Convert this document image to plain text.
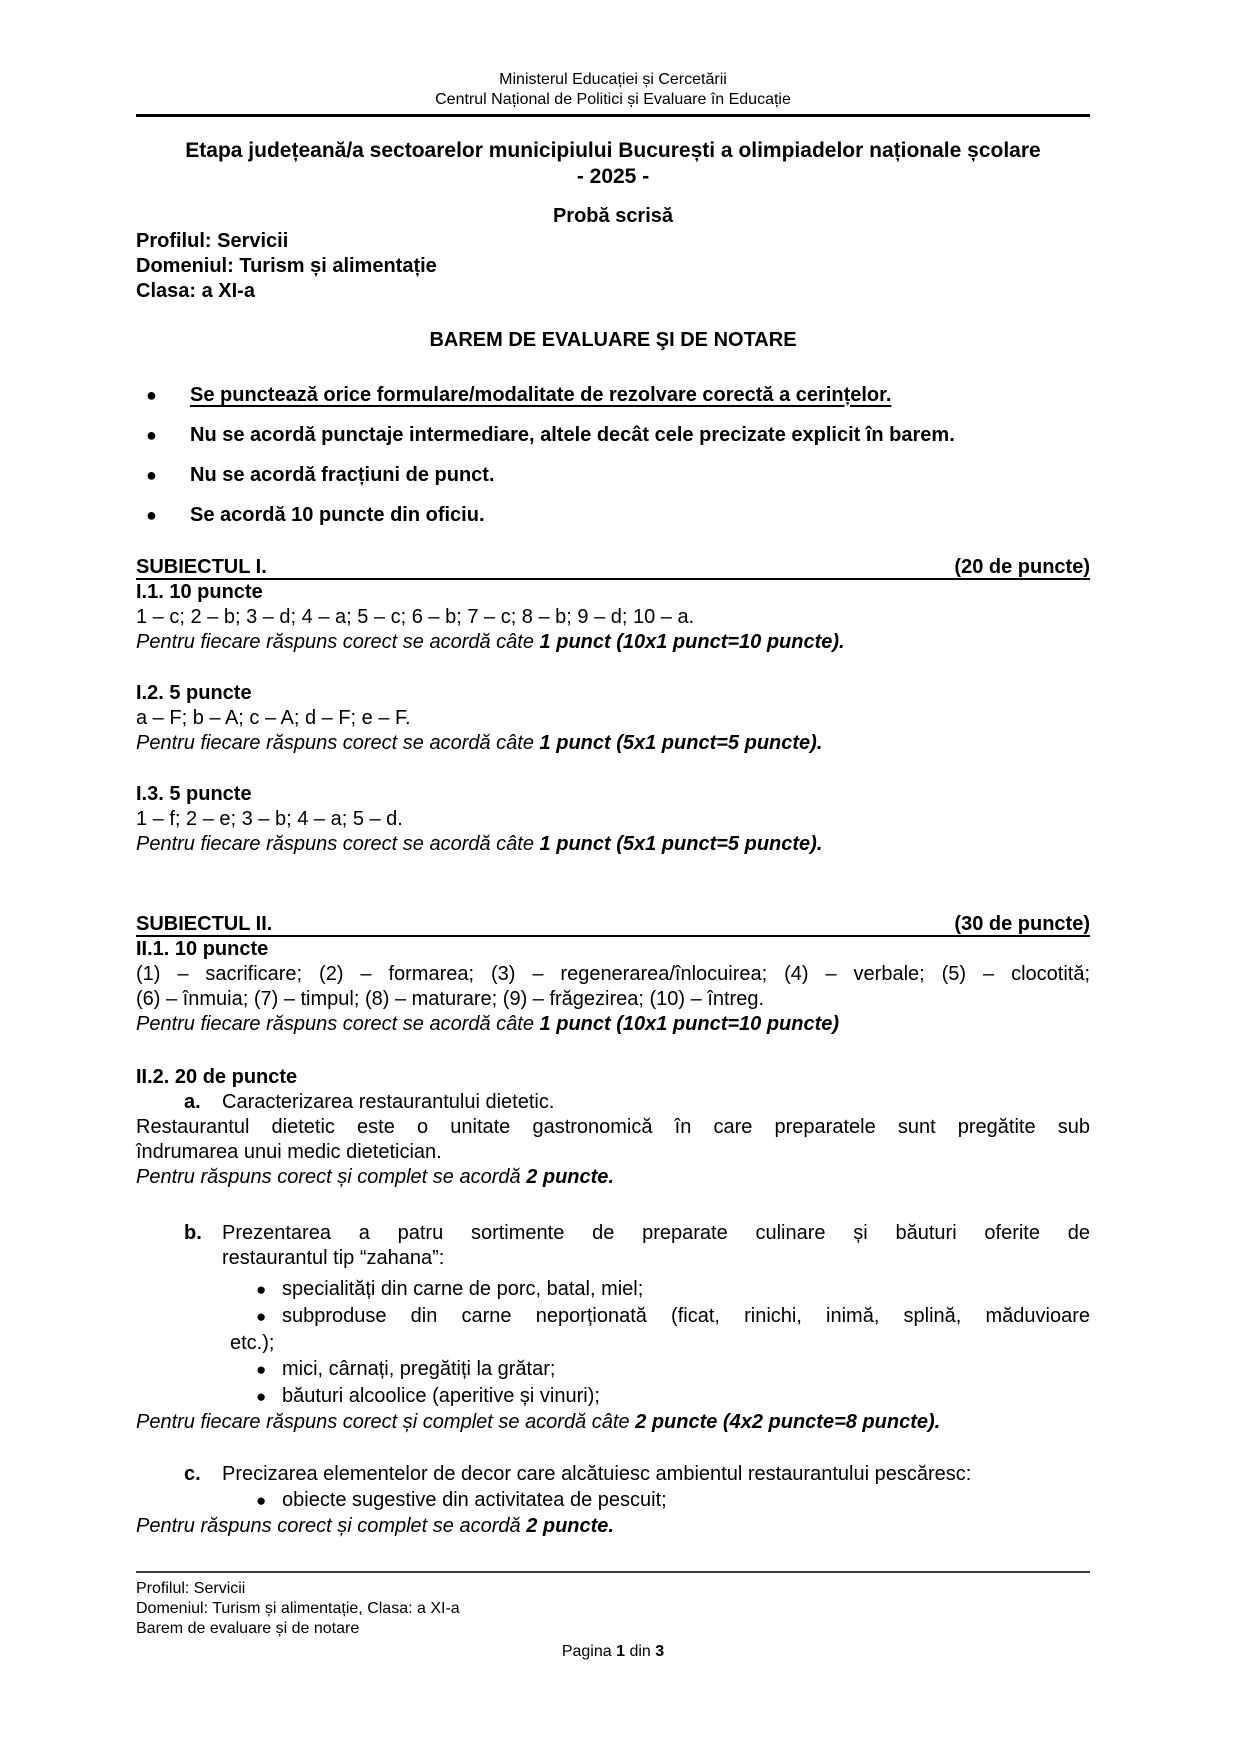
Ministerul Educației și Cercetării
Centrul Național de Politici și Evaluare în Educație
Etapa județeană/a sectoarelor municipiului București a olimpiadelor naționale școlare
- 2025 -
Probă scrisă
Profilul: Servicii
Domeniul: Turism și alimentație
Clasa: a XI-a
BAREM DE EVALUARE ŞI DE NOTARE
●	Se punctează orice formulare/modalitate de rezolvare corectă a cerințelor.
●	Nu se acordă punctaje intermediare, altele decât cele precizate explicit în barem.
●	Nu se acordă fracțiuni de punct.
●	Se acordă 10 puncte din oficiu.
SUBIECTUL I.	(20 de puncte)
I.1. 10 puncte
1 – c; 2 – b; 3 – d; 4 – a; 5 – c; 6 – b; 7 – c; 8 – b; 9 – d; 10 – a.
Pentru fiecare răspuns corect se acordă câte 1 punct (10x1 punct=10 puncte).
I.2. 5 puncte
a – F; b – A; c – A; d – F; e – F.
Pentru fiecare răspuns corect se acordă câte 1 punct (5x1 punct=5 puncte).
I.3. 5 puncte
1 – f; 2 – e; 3 – b; 4 – a; 5 – d.
Pentru fiecare răspuns corect se acordă câte 1 punct (5x1 punct=5 puncte).
SUBIECTUL II.	(30 de puncte)
II.1. 10 puncte
(1) – sacrificare; (2) – formarea; (3) – regenerarea/înlocuirea; (4) – verbale; (5) – clocotită;
(6) – înmuia; (7) – timpul; (8) – maturare; (9) – frăgezirea; (10) – întreg.
Pentru fiecare răspuns corect se acordă câte 1 punct (10x1 punct=10 puncte)
II.2. 20 de puncte
a. Caracterizarea restaurantului dietetic.
Restaurantul dietetic este o unitate gastronomică în care preparatele sunt pregătite sub
îndrumarea unui medic dietetician.
Pentru răspuns corect și complet se acordă 2 puncte.
b. Prezentarea a patru sortimente de preparate culinare și băuturi oferite de
restaurantul tip “zahana”:
● specialități din carne de porc, batal, miel;
● subproduse din carne neporționată (ficat, rinichi, inimă, splină, măduvioare
etc.);
● mici, cârnați, pregătiți la grătar;
● băuturi alcoolice (aperitive și vinuri);
Pentru fiecare răspuns corect și complet se acordă câte 2 puncte (4x2 puncte=8 puncte).
c. Precizarea elementelor de decor care alcătuiesc ambientul restaurantului pescăresc:
● obiecte sugestive din activitatea de pescuit;
Pentru răspuns corect și complet se acordă 2 puncte.
Profilul: Servicii
Domeniul: Turism și alimentație, Clasa: a XI-a
Barem de evaluare și de notare
Pagina 1 din 3
